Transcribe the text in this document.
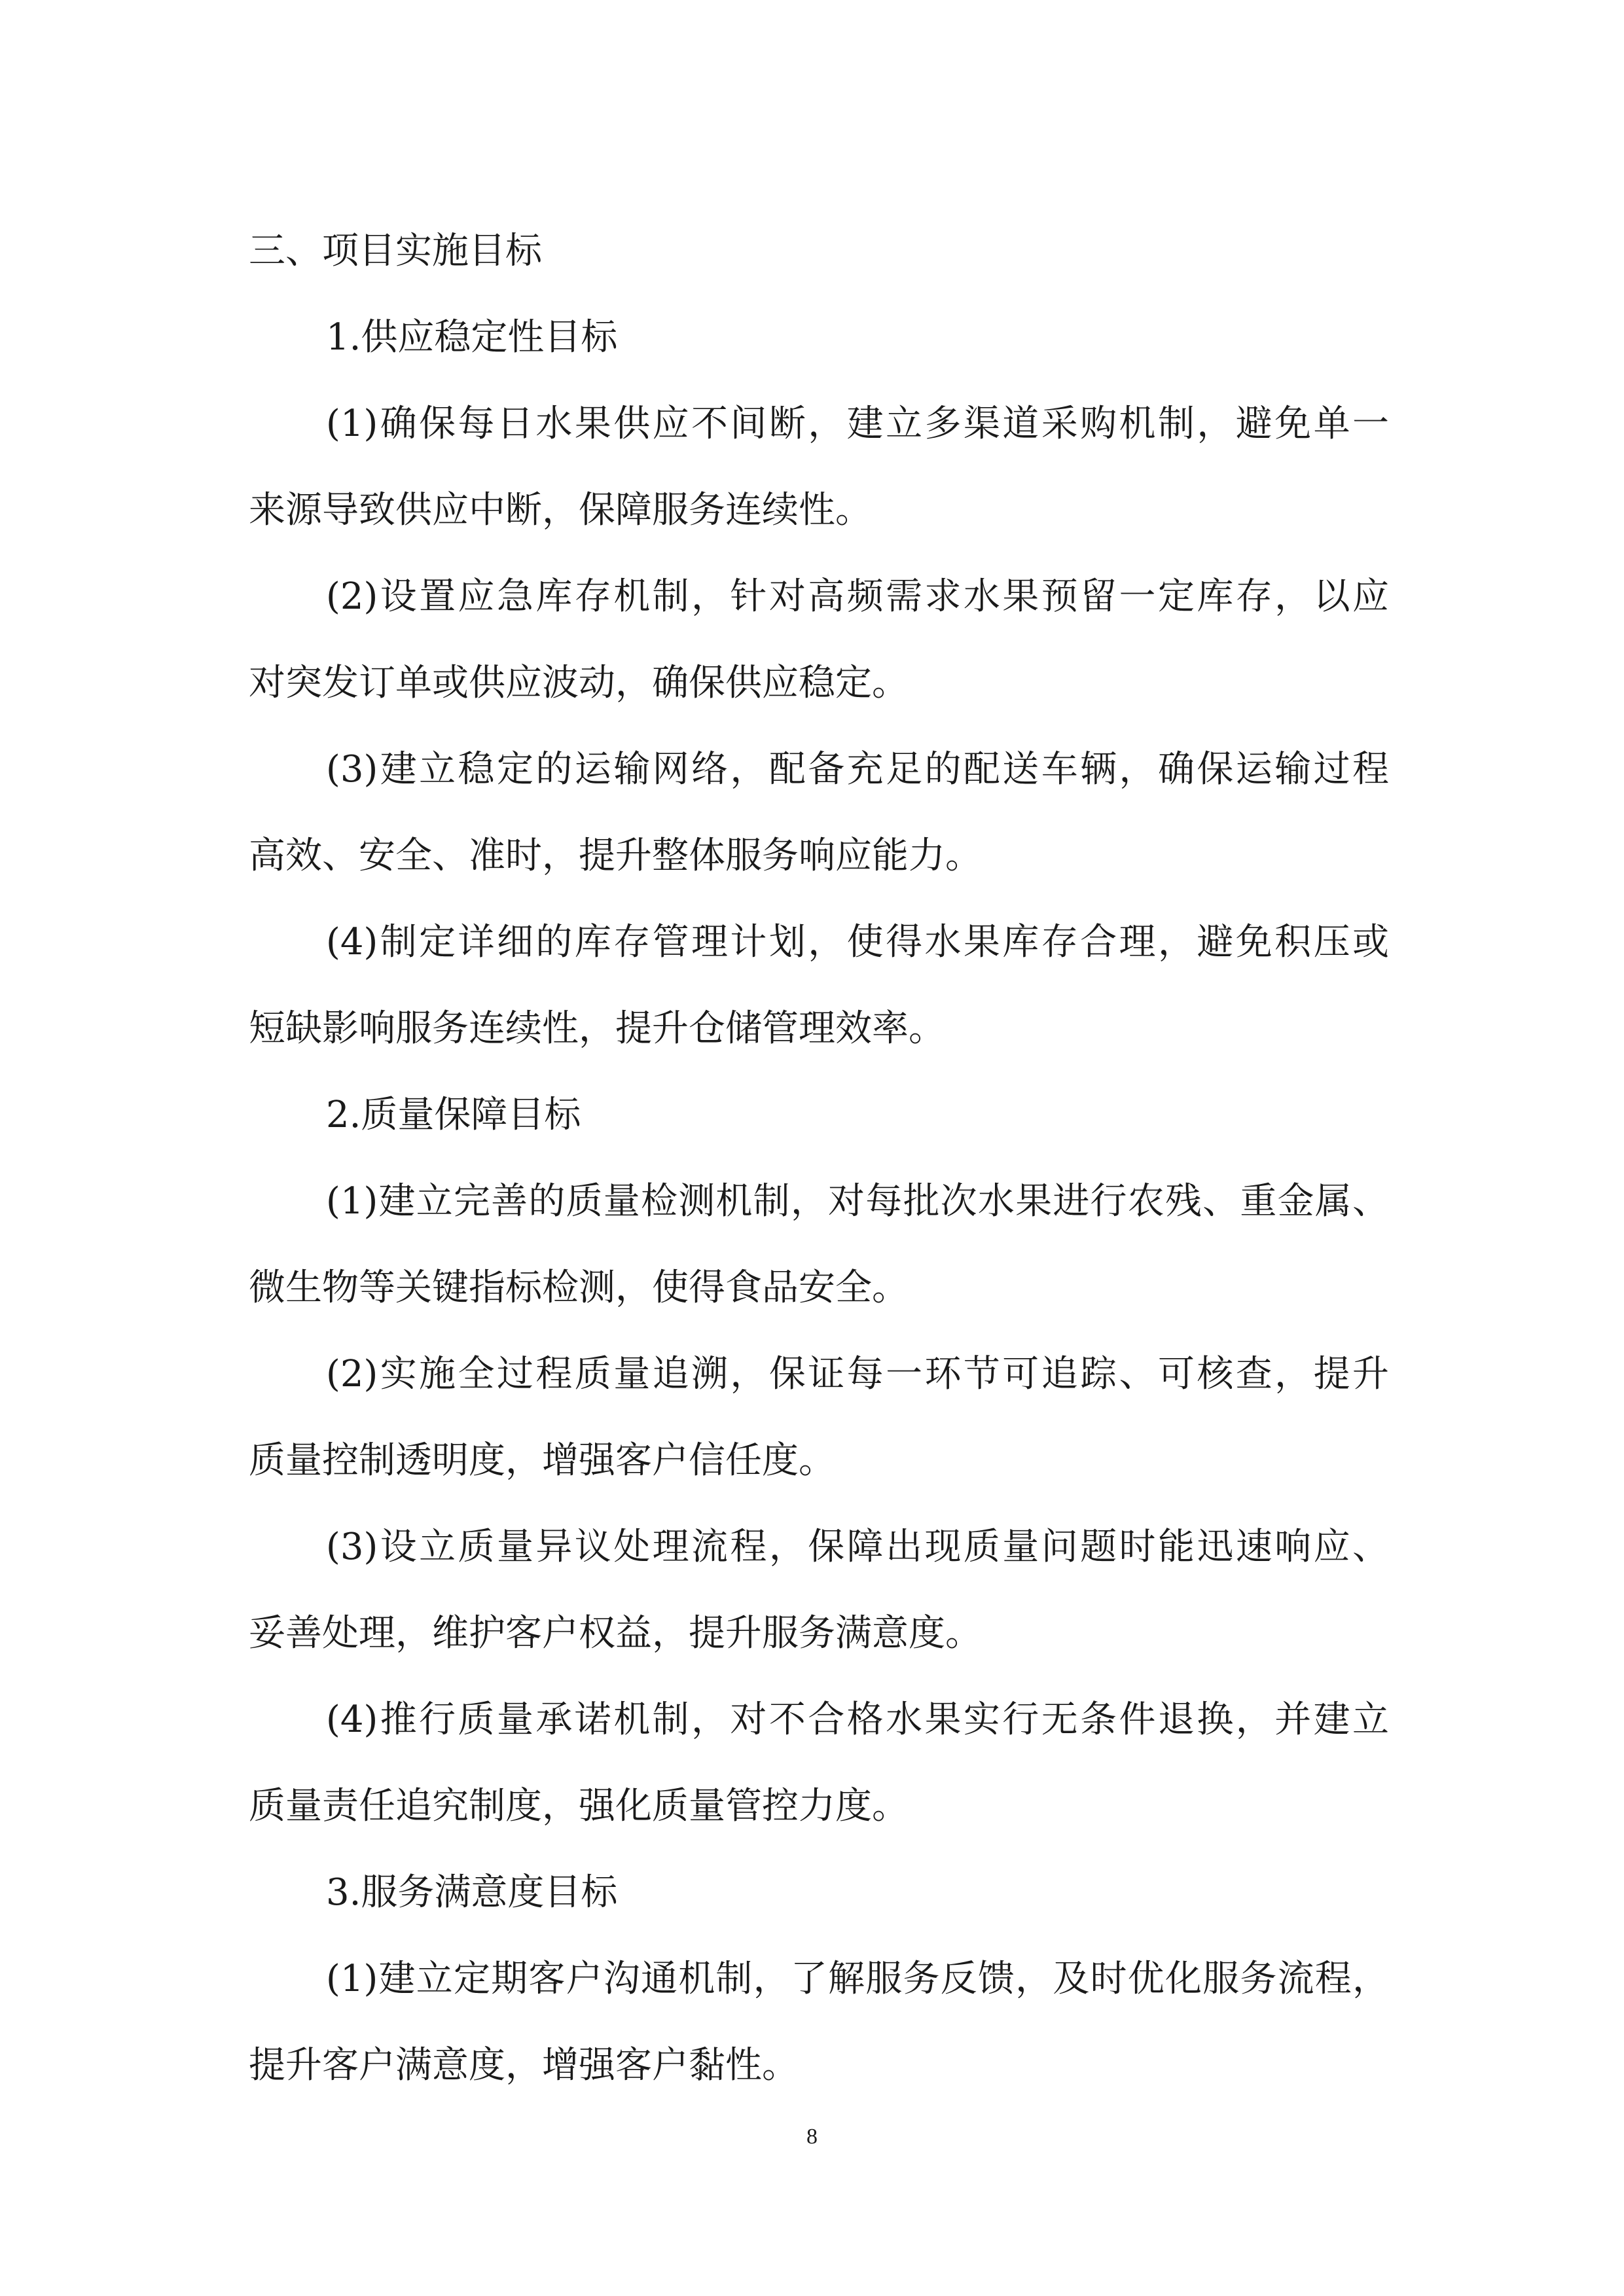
三、项目实施目标
1.供应稳定性目标
(1)确保每日水果供应不间断，建立多渠道采购机制，避免单一
来源导致供应中断，保障服务连续性。
(2)设置应急库存机制，针对高频需求水果预留一定库存，以应
对突发订单或供应波动，确保供应稳定。
(3)建立稳定的运输网络，配备充足的配送车辆，确保运输过程
高效、安全、准时，提升整体服务响应能力。
(4)制定详细的库存管理计划，使得水果库存合理，避免积压或
短缺影响服务连续性，提升仓储管理效率。
2.质量保障目标
(1)建立完善的质量检测机制，对每批次水果进行农残、重金属、
微生物等关键指标检测，使得食品安全。
(2)实施全过程质量追溯，保证每一环节可追踪、可核查，提升
质量控制透明度，增强客户信任度。
(3)设立质量异议处理流程，保障出现质量问题时能迅速响应、
妥善处理，维护客户权益，提升服务满意度。
(4)推行质量承诺机制，对不合格水果实行无条件退换，并建立
质量责任追究制度，强化质量管控力度。
3.服务满意度目标
(1)建立定期客户沟通机制，了解服务反馈，及时优化服务流程，
提升客户满意度，增强客户黏性。
8
